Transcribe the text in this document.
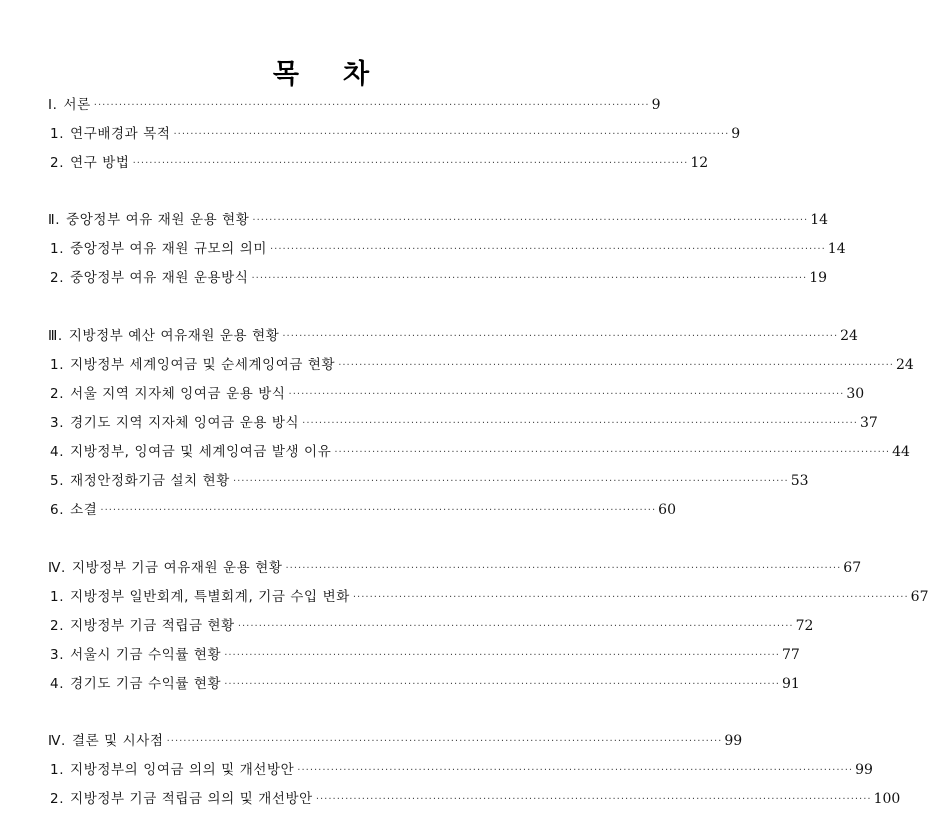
목 차
Ⅰ. 서론 ····································································································································· 9
1. 연구배경과 목적 ····································································································································· 9
2. 연구 방법 ····································································································································· 12
Ⅱ. 중앙정부 여유 재원 운용 현황 ····································································································································· 14
1. 중앙정부 여유 재원 규모의 의미 ····································································································································· 14
2. 중앙정부 여유 재원 운용방식 ····································································································································· 19
Ⅲ. 지방정부 예산 여유재원 운용 현황 ····································································································································· 24
1. 지방정부 세계잉여금 및 순세계잉여금 현황 ····································································································································· 24
2. 서울 지역 지자체 잉여금 운용 방식 ····································································································································· 30
3. 경기도 지역 지자체 잉여금 운용 방식 ····································································································································· 37
4. 지방정부, 잉여금 및 세계잉여금 발생 이유 ····································································································································· 44
5. 재정안정화기금 설치 현황 ····································································································································· 53
6. 소결 ····································································································································· 60
Ⅳ. 지방정부 기금 여유재원 운용 현황 ····································································································································· 67
1. 지방정부 일반회계, 특별회계, 기금 수입 변화 ····································································································································· 67
2. 지방정부 기금 적립금 현황 ····································································································································· 72
3. 서울시 기금 수익률 현황 ····································································································································· 77
4. 경기도 기금 수익률 현황 ····································································································································· 91
Ⅳ. 결론 및 시사점 ····································································································································· 99
1. 지방정부의 잉여금 의의 및 개선방안 ····································································································································· 99
2. 지방정부 기금 적립금 의의 및 개선방안 ····································································································································· 100
